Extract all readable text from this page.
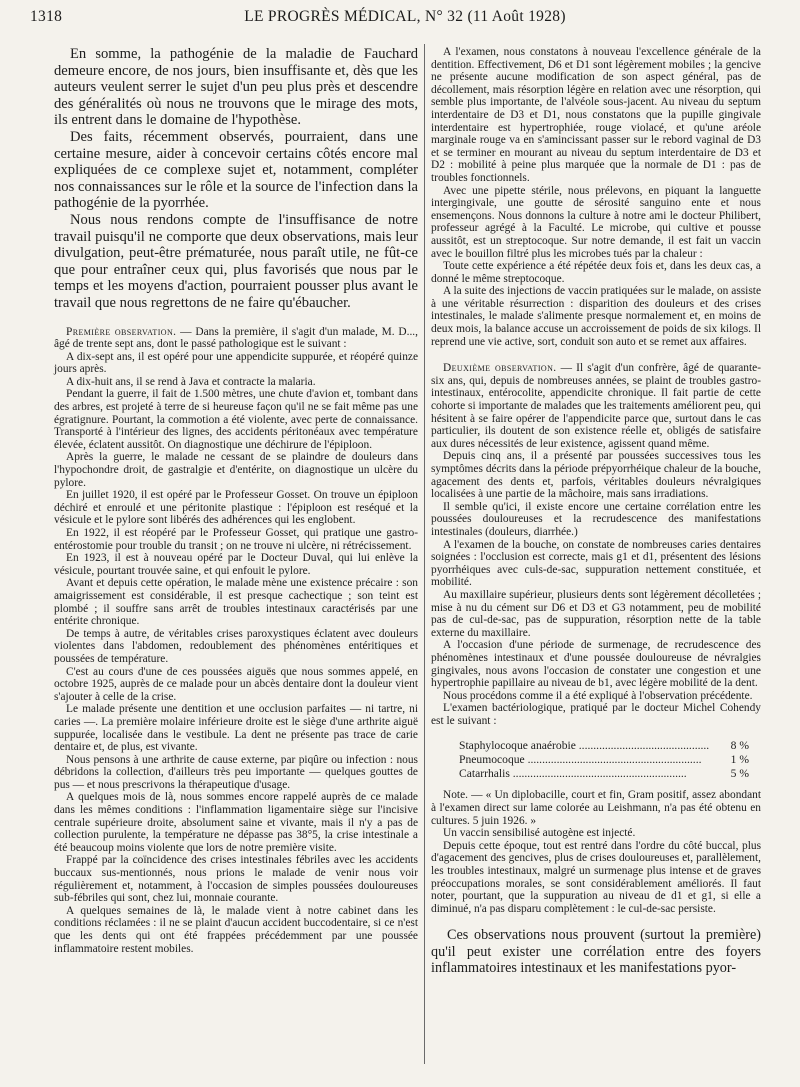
1318	LE PROGRÈS MÉDICAL, N° 32 (11 Août 1928)

En somme, la pathogénie de la maladie de Fauchard demeure encore, de nos jours, bien insuffisante et, dès que les auteurs veulent serrer le sujet d'un peu plus près et descendre des généralités où nous ne trouvons que le mirage des mots, ils entrent dans le domaine de l'hypothèse.

Des faits, récemment observés, pourraient, dans une certaine mesure, aider à concevoir certains côtés encore mal expliquées de ce complexe sujet et, notamment, compléter nos connaissances sur le rôle et la source de l'infection dans la pathogénie de la pyorrhée.

Nous nous rendons compte de l'insuffisance de notre travail puisqu'il ne comporte que deux observations, mais leur divulgation, peut-être prématurée, nous paraît utile, ne fût-ce que pour entraîner ceux qui, plus favorisés que nous par le temps et les moyens d'action, pourraient pousser plus avant le travail que nous regrettons de ne faire qu'ébaucher.

Première observation. — Dans la première, il s'agit d'un malade, M. D..., âgé de trente sept ans, dont le passé pathologique est le suivant :

A dix-sept ans, il est opéré pour une appendicite suppurée, et réopéré quinze jours après.

A dix-huit ans, il se rend à Java et contracte la malaria.

Pendant la guerre, il fait de 1.500 mètres, une chute d'avion et, tombant dans des arbres, est projeté à terre de si heureuse façon qu'il ne se fait même pas une égratignure. Pourtant, la commotion a été violente, avec perte de connaissance. Transporté à l'intérieur des lignes, des accidents péritonéaux avec température élevée, éclatent aussitôt. On diagnostique une déchirure de l'épiploon.

Après la guerre, le malade ne cessant de se plaindre de douleurs dans l'hypochondre droit, de gastralgie et d'entérite, on diagnostique un ulcère du pylore.

En juillet 1920, il est opéré par le Professeur Gosset. On trouve un épiploon déchiré et enroulé et une péritonite plastique : l'épiploon est reséqué et la vésicule et le pylore sont libérés des adhérences qui les englobent.

En 1922, il est réopéré par le Professeur Gosset, qui pratique une gastro-entérostomie pour trouble du transit ; on ne trouve ni ulcère, ni rétrécissement.

En 1923, il est à nouveau opéré par le Docteur Duval, qui lui enlève la vésicule, pourtant trouvée saine, et qui enfouit le pylore.

Avant et depuis cette opération, le malade mène une existence précaire : son amaigrissement est considérable, il est presque cachectique ; son teint est plombé ; il souffre sans arrêt de troubles intestinaux caractérisés par une entérite chronique.

De temps à autre, de véritables crises paroxystiques éclatent avec douleurs violentes dans l'abdomen, redoublement des phénomènes entéritiques et poussées de température.

C'est au cours d'une de ces poussées aiguës que nous sommes appelé, en octobre 1925, auprès de ce malade pour un abcès dentaire dont la douleur vient s'ajouter à celle de la crise.

Le malade présente une dentition et une occlusion parfaites — ni tartre, ni caries —. La première molaire inférieure droite est le siège d'une arthrite aiguë suppurée, localisée dans le vestibule. La dent ne présente pas trace de carie dentaire et, de plus, est vivante.

Nous pensons à une arthrite de cause externe, par piqûre ou infection : nous débridons la collection, d'ailleurs très peu importante — quelques gouttes de pus — et nous prescrivons la thérapeutique d'usage.

A quelques mois de là, nous sommes encore rappelé auprès de ce malade dans les mêmes conditions : l'inflammation ligamentaire siège sur l'incisive centrale supérieure droite, absolument saine et vivante, mais il n'y a pas de collection purulente, la température ne dépasse pas 38°5, la crise intestinale a été beaucoup moins violente que lors de notre première visite.

Frappé par la coïncidence des crises intestinales fébriles avec les accidents buccaux sus-mentionnés, nous prions le malade de venir nous voir régulièrement et, notamment, à l'occasion de simples poussées douloureuses sub-fébriles qui sont, chez lui, monnaie courante.

A quelques semaines de là, le malade vient à notre cabinet dans les conditions réclamées : il ne se plaint d'aucun accident buccodentaire, si ce n'est que les dents qui ont été frappées précédemment par une poussée inflammatoire restent mobiles.

A l'examen, nous constatons à nouveau l'excellence générale de la dentition. Effectivement, D6 et D1 sont légèrement mobiles ; la gencive ne présente aucune modification de son aspect général, pas de décollement, mais résorption légère en relation avec une résorption, qui semble plus importante, de l'alvéole sous-jacent. Au niveau du septum interdentaire de D3 et D1, nous constatons que la pupille gingivale interdentaire est hypertrophiée, rouge violacé, et qu'une aréole marginale rouge va en s'amincissant passer sur le rebord vaginal de D3 et se terminer en mourant au niveau du septum interdentaire de D3 et D2 : mobilité à peine plus marquée que la normale de D1 : pas de troubles fonctionnels.

Avec une pipette stérile, nous prélevons, en piquant la languette intergingivale, une goutte de sérosité sanguino ente et nous ensemençons. Nous donnons la culture à notre ami le docteur Philibert, professeur agrégé à la Faculté. Le microbe, qui cultive et pousse aussitôt, est un streptocoque. Sur notre demande, il est fait un vaccin avec le bouillon filtré plus les microbes tués par la chaleur :

Toute cette expérience a été répétée deux fois et, dans les deux cas, a donné le même streptocoque.

A la suite des injections de vaccin pratiquées sur le malade, on assiste à une véritable résurrection : disparition des douleurs et des crises intestinales, le malade s'alimente presque normalement et, en moins de deux mois, la balance accuse un accroissement de poids de six kilogs. Il reprend une vie active, sort, conduit son auto et se remet aux affaires.

Deuxième observation. — Il s'agit d'un confrère, âgé de quarante-six ans, qui, depuis de nombreuses années, se plaint de troubles gastro-intestinaux, entérocolite, appendicite chronique. Il fait partie de cette cohorte si importante de malades que les traitements améliorent peu, qui hésitent à se faire opérer de l'appendicite parce que, surtout dans le cas particulier, ils doutent de son existence réelle et, obligés de satisfaire aux dures nécessités de leur existence, agissent quand même.

Depuis cinq ans, il a présenté par poussées successives tous les symptômes décrits dans la période prépyorrhéique chaleur de la bouche, agacement des dents et, parfois, véritables douleurs névralgiques localisées à une partie de la mâchoire, mais sans irradiations.

Il semble qu'ici, il existe encore une certaine corrélation entre les poussées douloureuses et la recrudescence des manifestations intestinales (douleurs, diarrhée.)

A l'examen de la bouche, on constate de nombreuses caries dentaires soignées : l'occlusion est correcte, mais g1 et d1, présentent des lésions pyorrhéiques avec culs-de-sac, suppuration nettement constituée, et mobilité.

Au maxillaire supérieur, plusieurs dents sont légèrement décolletées ; mise à nu du cément sur D6 et D3 et G3 notamment, peu de mobilité pas de cul-de-sac, pas de suppuration, résorption nette de la table externe du maxillaire.

A l'occasion d'une période de surmenage, de recrudescence des phénomènes intestinaux et d'une poussée douloureuse de névralgies gingivales, nous avons l'occasion de constater une congestion et une hypertrophie papillaire au niveau de b1, avec légère mobilité de la dent.

Nous procédons comme il a été expliqué à l'observation précédente.

L'examen bactériologique, pratiqué par le docteur Michel Cohendy est le suivant :

Staphylocoque anaérobie .....	8 %
Pneumocoque .....	1 %
Catarrhalis .....	5 %

Note. — « Un diplobacille, court et fin, Gram positif, assez abondant à l'examen direct sur lame colorée au Leishmann, n'a pas été obtenu en cultures. 5 juin 1926. »

Un vaccin sensibilisé autogène est injecté.

Depuis cette époque, tout est rentré dans l'ordre du côté buccal, plus d'agacement des gencives, plus de crises douloureuses et, parallèlement, les troubles intestinaux, malgré un surmenage plus intense et de graves préoccupations morales, se sont considérablement améliorés. Il faut noter, pourtant, que la suppuration au niveau de d1 et g1, si elle a diminué, n'a pas disparu complètement : le cul-de-sac persiste.

Ces observations nous prouvent (surtout la première) qu'il peut exister une corrélation entre des foyers inflammatoires intestinaux et les manifestations pyor-
